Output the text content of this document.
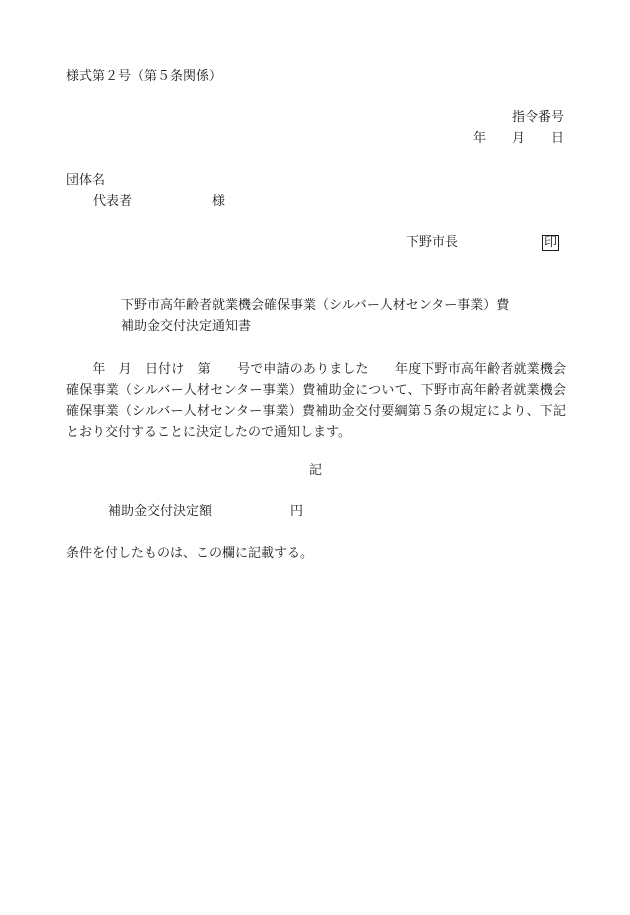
様式第２号（第５条関係）
指令番号
年 月 日
団体名
代表者	様
下野市長	印
下野市高年齢者就業機会確保事業（シルバー人材センター事業）費
補助金交付決定通知書
　　年　月　日付け　第　　号で申請のありました　　年度下野市高年齢者就業機会確保事業（シルバー人材センター事業）費補助金について、下野市高年齢者就業機会確保事業（シルバー人材センター事業）費補助金交付要綱第５条の規定により、下記とおり交付することに決定したので通知します。
記
補助金交付決定額	円
条件を付したものは、この欄に記載する。
